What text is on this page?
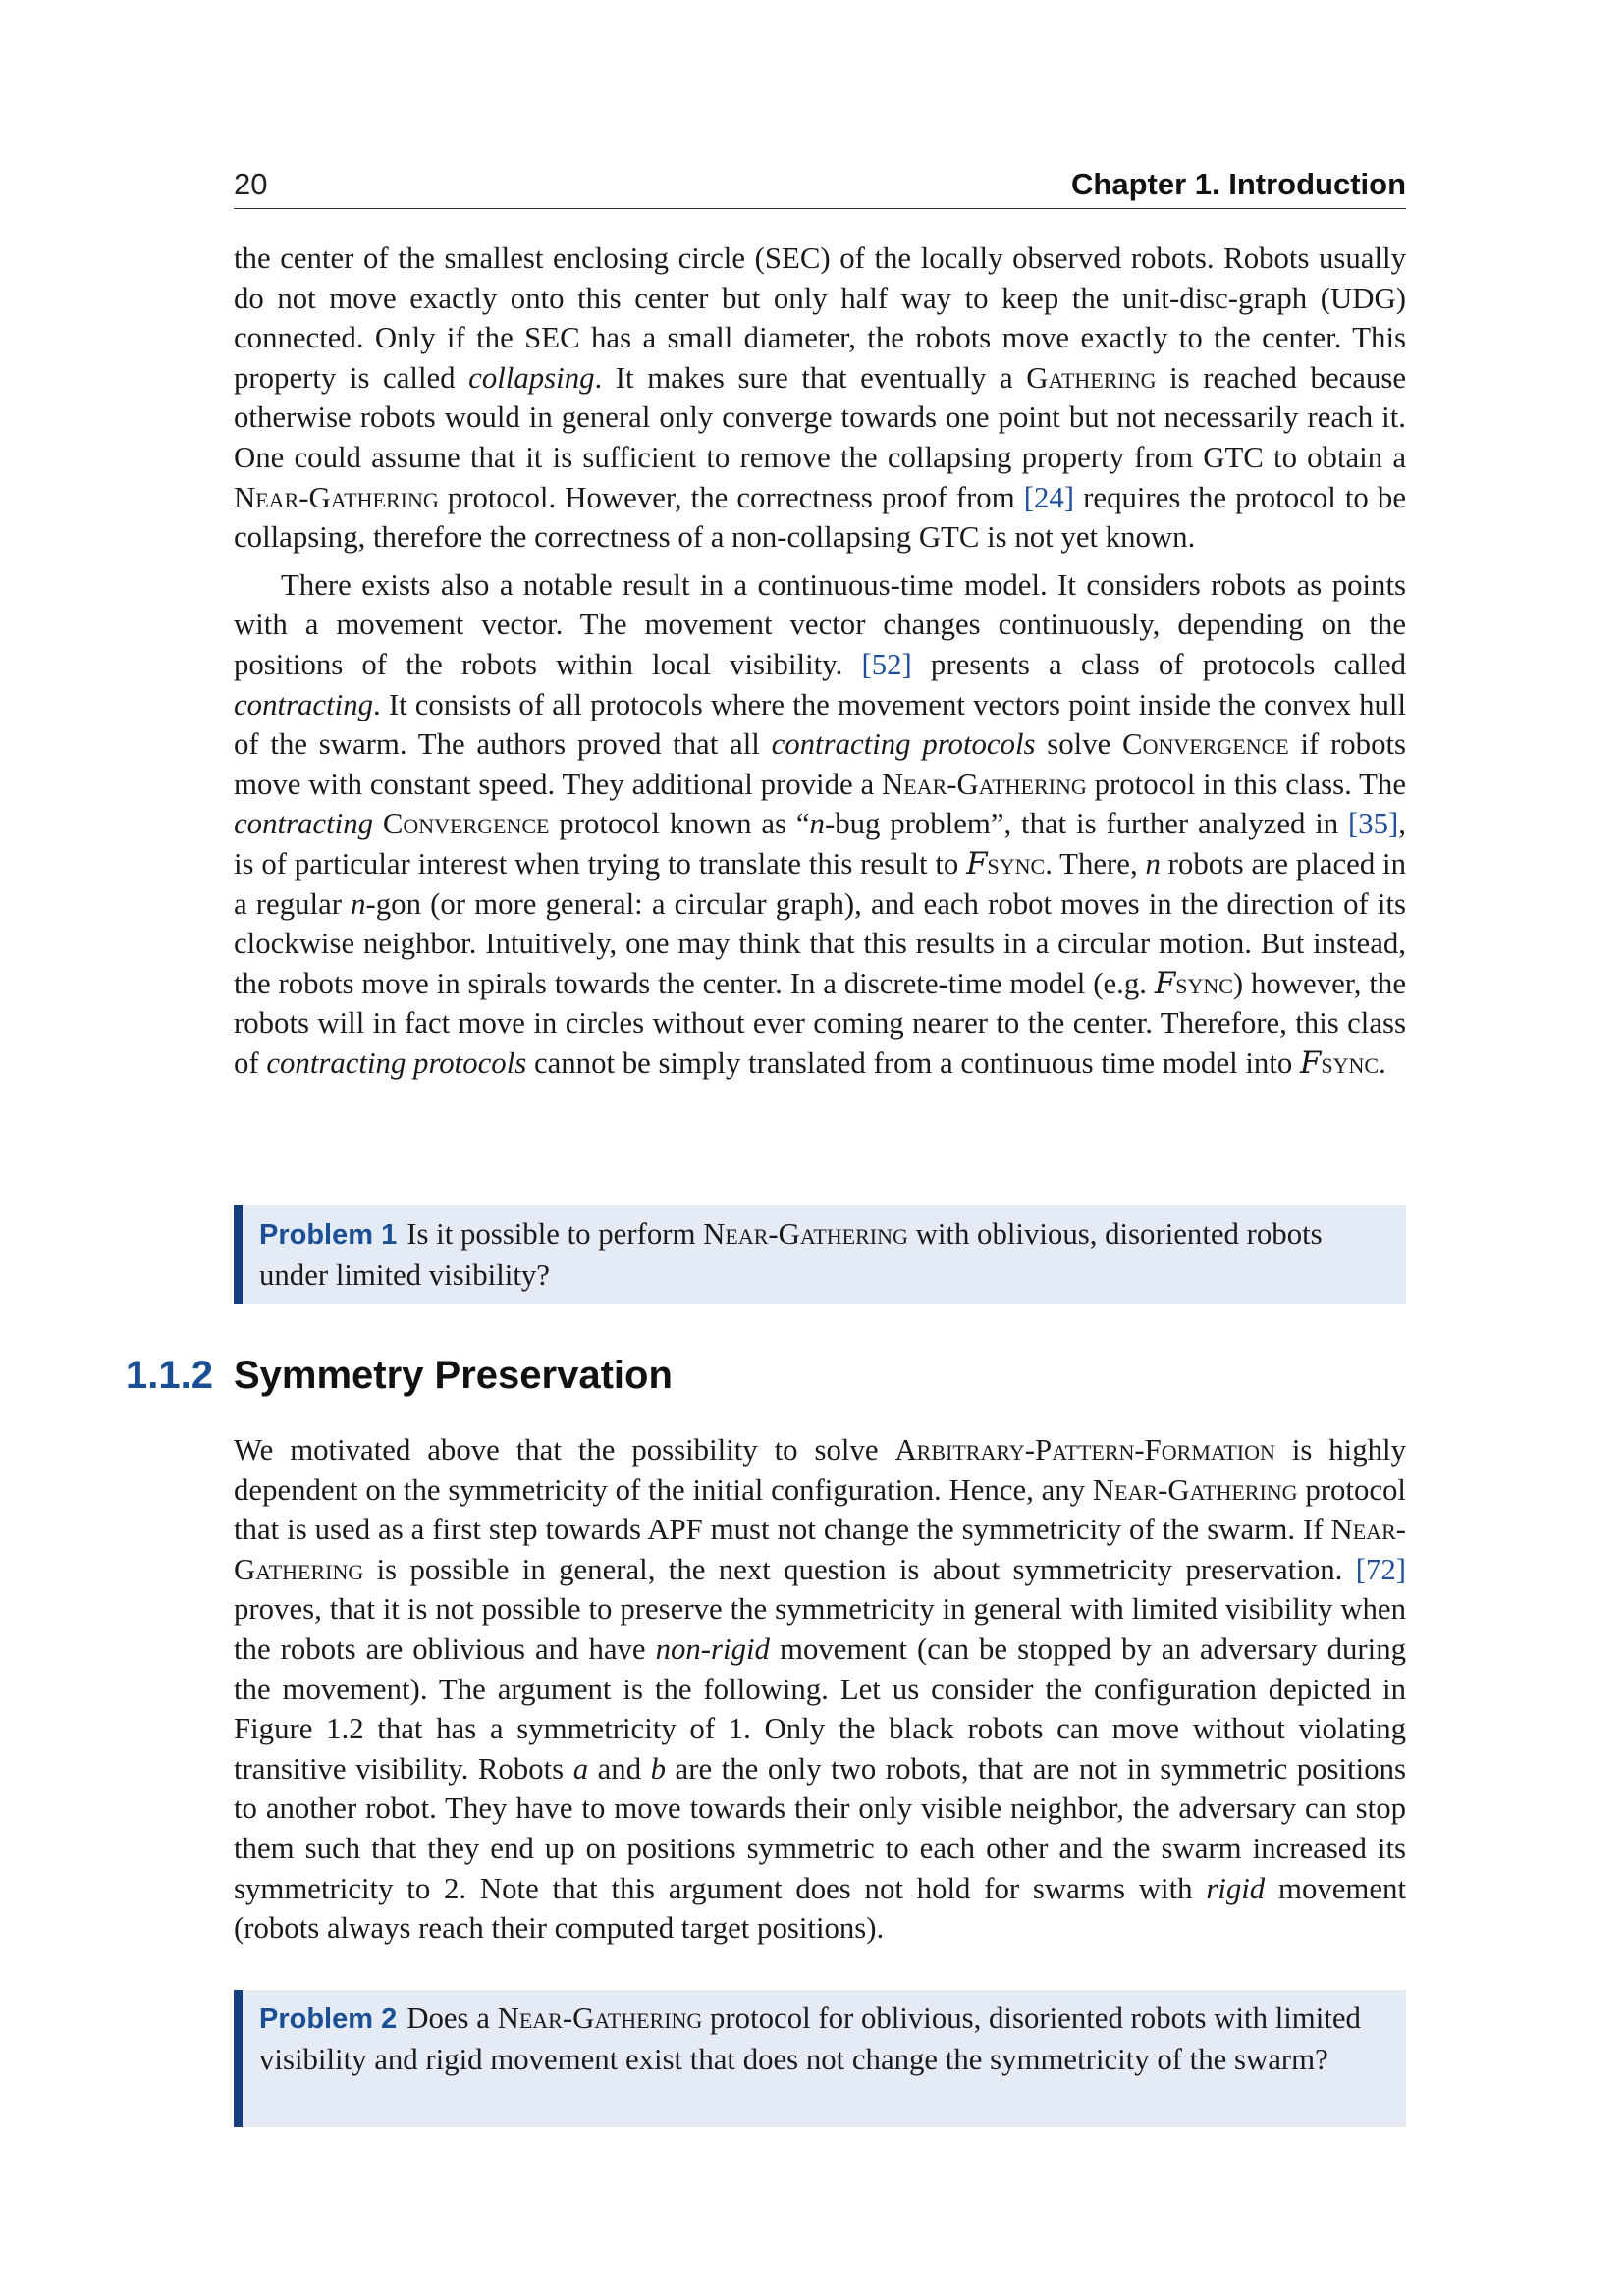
20	Chapter 1. Introduction

the center of the smallest enclosing circle (SEC) of the locally observed robots. Robots usually do not move exactly onto this center but only half way to keep the unit-disc-graph (UDG) connected. Only if the SEC has a small diameter, the robots move exactly to the center. This property is called collapsing. It makes sure that eventually a Gathering is reached because otherwise robots would in general only converge towards one point but not necessarily reach it. One could assume that it is sufficient to remove the collapsing property from GTC to obtain a Near-Gathering protocol. However, the correctness proof from [24] requires the protocol to be collapsing, therefore the correctness of a non-collapsing GTC is not yet known.

There exists also a notable result in a continuous-time model. It considers robots as points with a movement vector. The movement vector changes continuously, depending on the positions of the robots within local visibility. [52] presents a class of protocols called contracting. It consists of all protocols where the movement vectors point inside the convex hull of the swarm. The authors proved that all contracting protocols solve Convergence if robots move with constant speed. They additional provide a Near-Gathering protocol in this class. The contracting Convergence protocol known as “n-bug problem”, that is further analyzed in [35], is of particular interest when trying to translate this result to Fsync. There, n robots are placed in a regular n-gon (or more general: a circular graph), and each robot moves in the direction of its clockwise neighbor. Intuitively, one may think that this results in a circular motion. But instead, the robots move in spirals towards the center. In a discrete-time model (e.g. Fsync) however, the robots will in fact move in circles without ever coming nearer to the center. Therefore, this class of contracting protocols cannot be simply translated from a continuous time model into Fsync.

Problem 1 Is it possible to perform Near-Gathering with oblivious, disoriented robots under limited visibility?
1.1.2 Symmetry Preservation

We motivated above that the possibility to solve Arbitrary-Pattern-Formation is highly dependent on the symmetricity of the initial configuration. Hence, any Near-Gathering protocol that is used as a first step towards APF must not change the symmetricity of the swarm. If Near-Gathering is possible in general, the next question is about symmetricity preservation. [72] proves, that it is not possible to preserve the symmetricity in general with limited visibility when the robots are oblivious and have non-rigid movement (can be stopped by an adversary during the movement). The argument is the following. Let us consider the configuration depicted in Figure 1.2 that has a symmetricity of 1. Only the black robots can move without violating transitive visibility. Robots a and b are the only two robots, that are not in symmetric positions to another robot. They have to move towards their only visible neighbor, the adversary can stop them such that they end up on positions symmetric to each other and the swarm increased its symmetricity to 2. Note that this argument does not hold for swarms with rigid movement (robots always reach their computed target positions).

Problem 2 Does a Near-Gathering protocol for oblivious, disoriented robots with limited visibility and rigid movement exist that does not change the symmetricity of the swarm?
